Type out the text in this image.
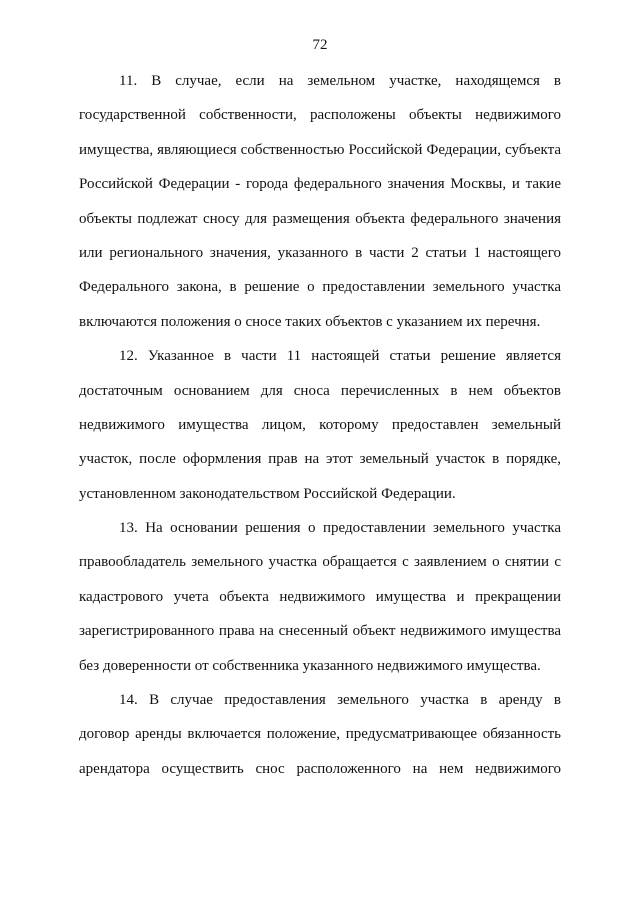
72
11. В случае, если на земельном участке, находящемся в
государственной собственности, расположены объекты недвижимого
имущества, являющиеся собственностью Российской Федерации, субъекта
Российской Федерации - города федерального значения Москвы, и такие
объекты подлежат сносу для размещения объекта федерального значения
или регионального значения, указанного в части 2 статьи 1 настоящего
Федерального закона, в решение о предоставлении земельного участка
включаются положения о сносе таких объектов с указанием их перечня.
12. Указанное в части 11 настоящей статьи решение является
достаточным основанием для сноса перечисленных в нем объектов
недвижимого имущества лицом, которому предоставлен земельный
участок, после оформления прав на этот земельный участок в порядке,
установленном законодательством Российской Федерации.
13. На основании решения о предоставлении земельного участка
правообладатель земельного участка обращается с заявлением о снятии с
кадастрового учета объекта недвижимого имущества и прекращении
зарегистрированного права на снесенный объект недвижимого имущества
без доверенности от собственника указанного недвижимого имущества.
14. В случае предоставления земельного участка в аренду в
договор аренды включается положение, предусматривающее обязанность
арендатора осуществить снос расположенного на нем недвижимого
